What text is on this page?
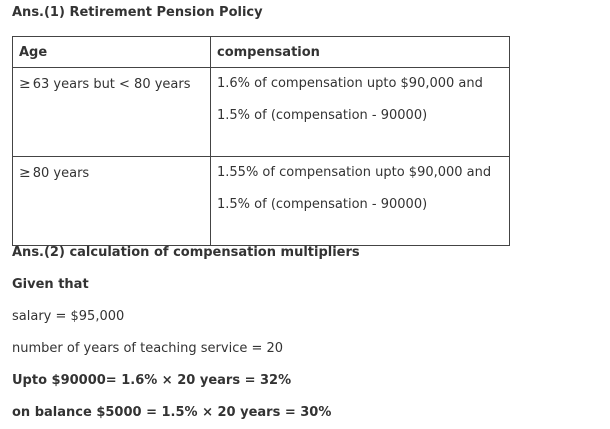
Ans.(1) Retirement Pension Policy
Age	compensation
≥ 63 years but < 80 years	1.6% of compensation upto $90,000 and
1.5% of (compensation - 90000)

≥ 80 years	1.55% of compensation upto $90,000 and
1.5% of (compensation - 90000)
Ans.(2) calculation of compensation multipliers
Given that
salary = $95,000
number of years of teaching service = 20
Upto $90000= 1.6% × 20 years = 32%
on balance $5000 = 1.5% × 20 years = 30%
